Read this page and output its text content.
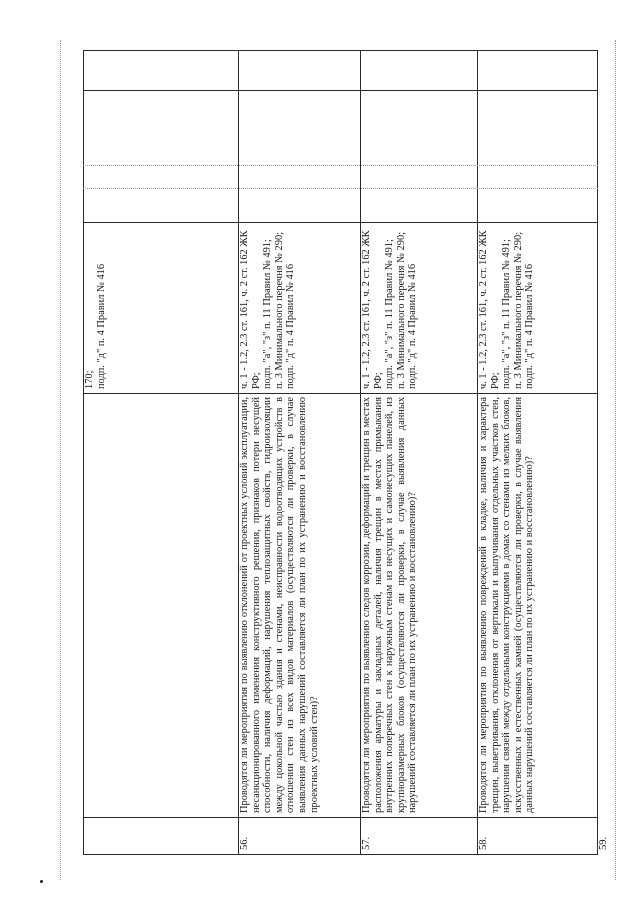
170;
подп. "д" п. 4 Правил № 416

56.

Проводятся ли мероприятия по выявлению отклонений от проектных условий эксплуатации, несанкционированного изменения конструктивного решения, признаков потери несущей способности, наличия деформаций, нарушения теплозащитных свойств, гидроизоляции между цокольной частью здания и стенами, неисправности водоотводящих устройств в отношении стен из всех видов материалов (осуществляются ли проверки, в случае выявления данных нарушений составляется ли план по их устранению и восстановлению проектных условий стен)?

ч. 1 - 1.2, 2.3 ст. 161, ч. 2 ст. 162 ЖК РФ;
подп. "а", "з" п. 11 Правил № 491;
п. 3 Минимального перечня № 290;
подп. "д" п. 4 Правил № 416

57.

Проводятся ли мероприятия по выявлению следов коррозии, деформаций и трещин в местах расположения арматуры и закладных деталей, наличия трещин в местах примыкания внутренних поперечных стен к наружным стенам из несущих и самонесущих панелей, из крупноразмерных блоков (осуществляются ли проверки, в случае выявления данных нарушений составляется ли план по их устранению и восстановлению)?

ч. 1 - 1.2, 2.3 ст. 161, ч. 2 ст. 162 ЖК РФ;
подп. "а", "з" п. 11 Правил № 491;
п. 3 Минимального перечня № 290;
подп. "д" п. 4 Правил № 416

58.

Проводятся ли мероприятия по выявлению повреждений в кладке, наличия и характера трещин, выветривания, отклонения от вертикали и выпучивания отдельных участков стен, нарушения связей между отдельными конструкциями в домах со стенами из мелких блоков, искусственных и естественных камней (осуществляются ли проверки, в случае выявления данных нарушений составляется ли план по их устранению и восстановлению)?

ч. 1 - 1.2, 2.3 ст. 161, ч. 2 ст. 162 ЖК РФ;
подп. "а", "з" п. 11 Правил № 491;
п. 3 Минимального перечня № 290;
подп. "д" п. 4 Правил № 416

59.
